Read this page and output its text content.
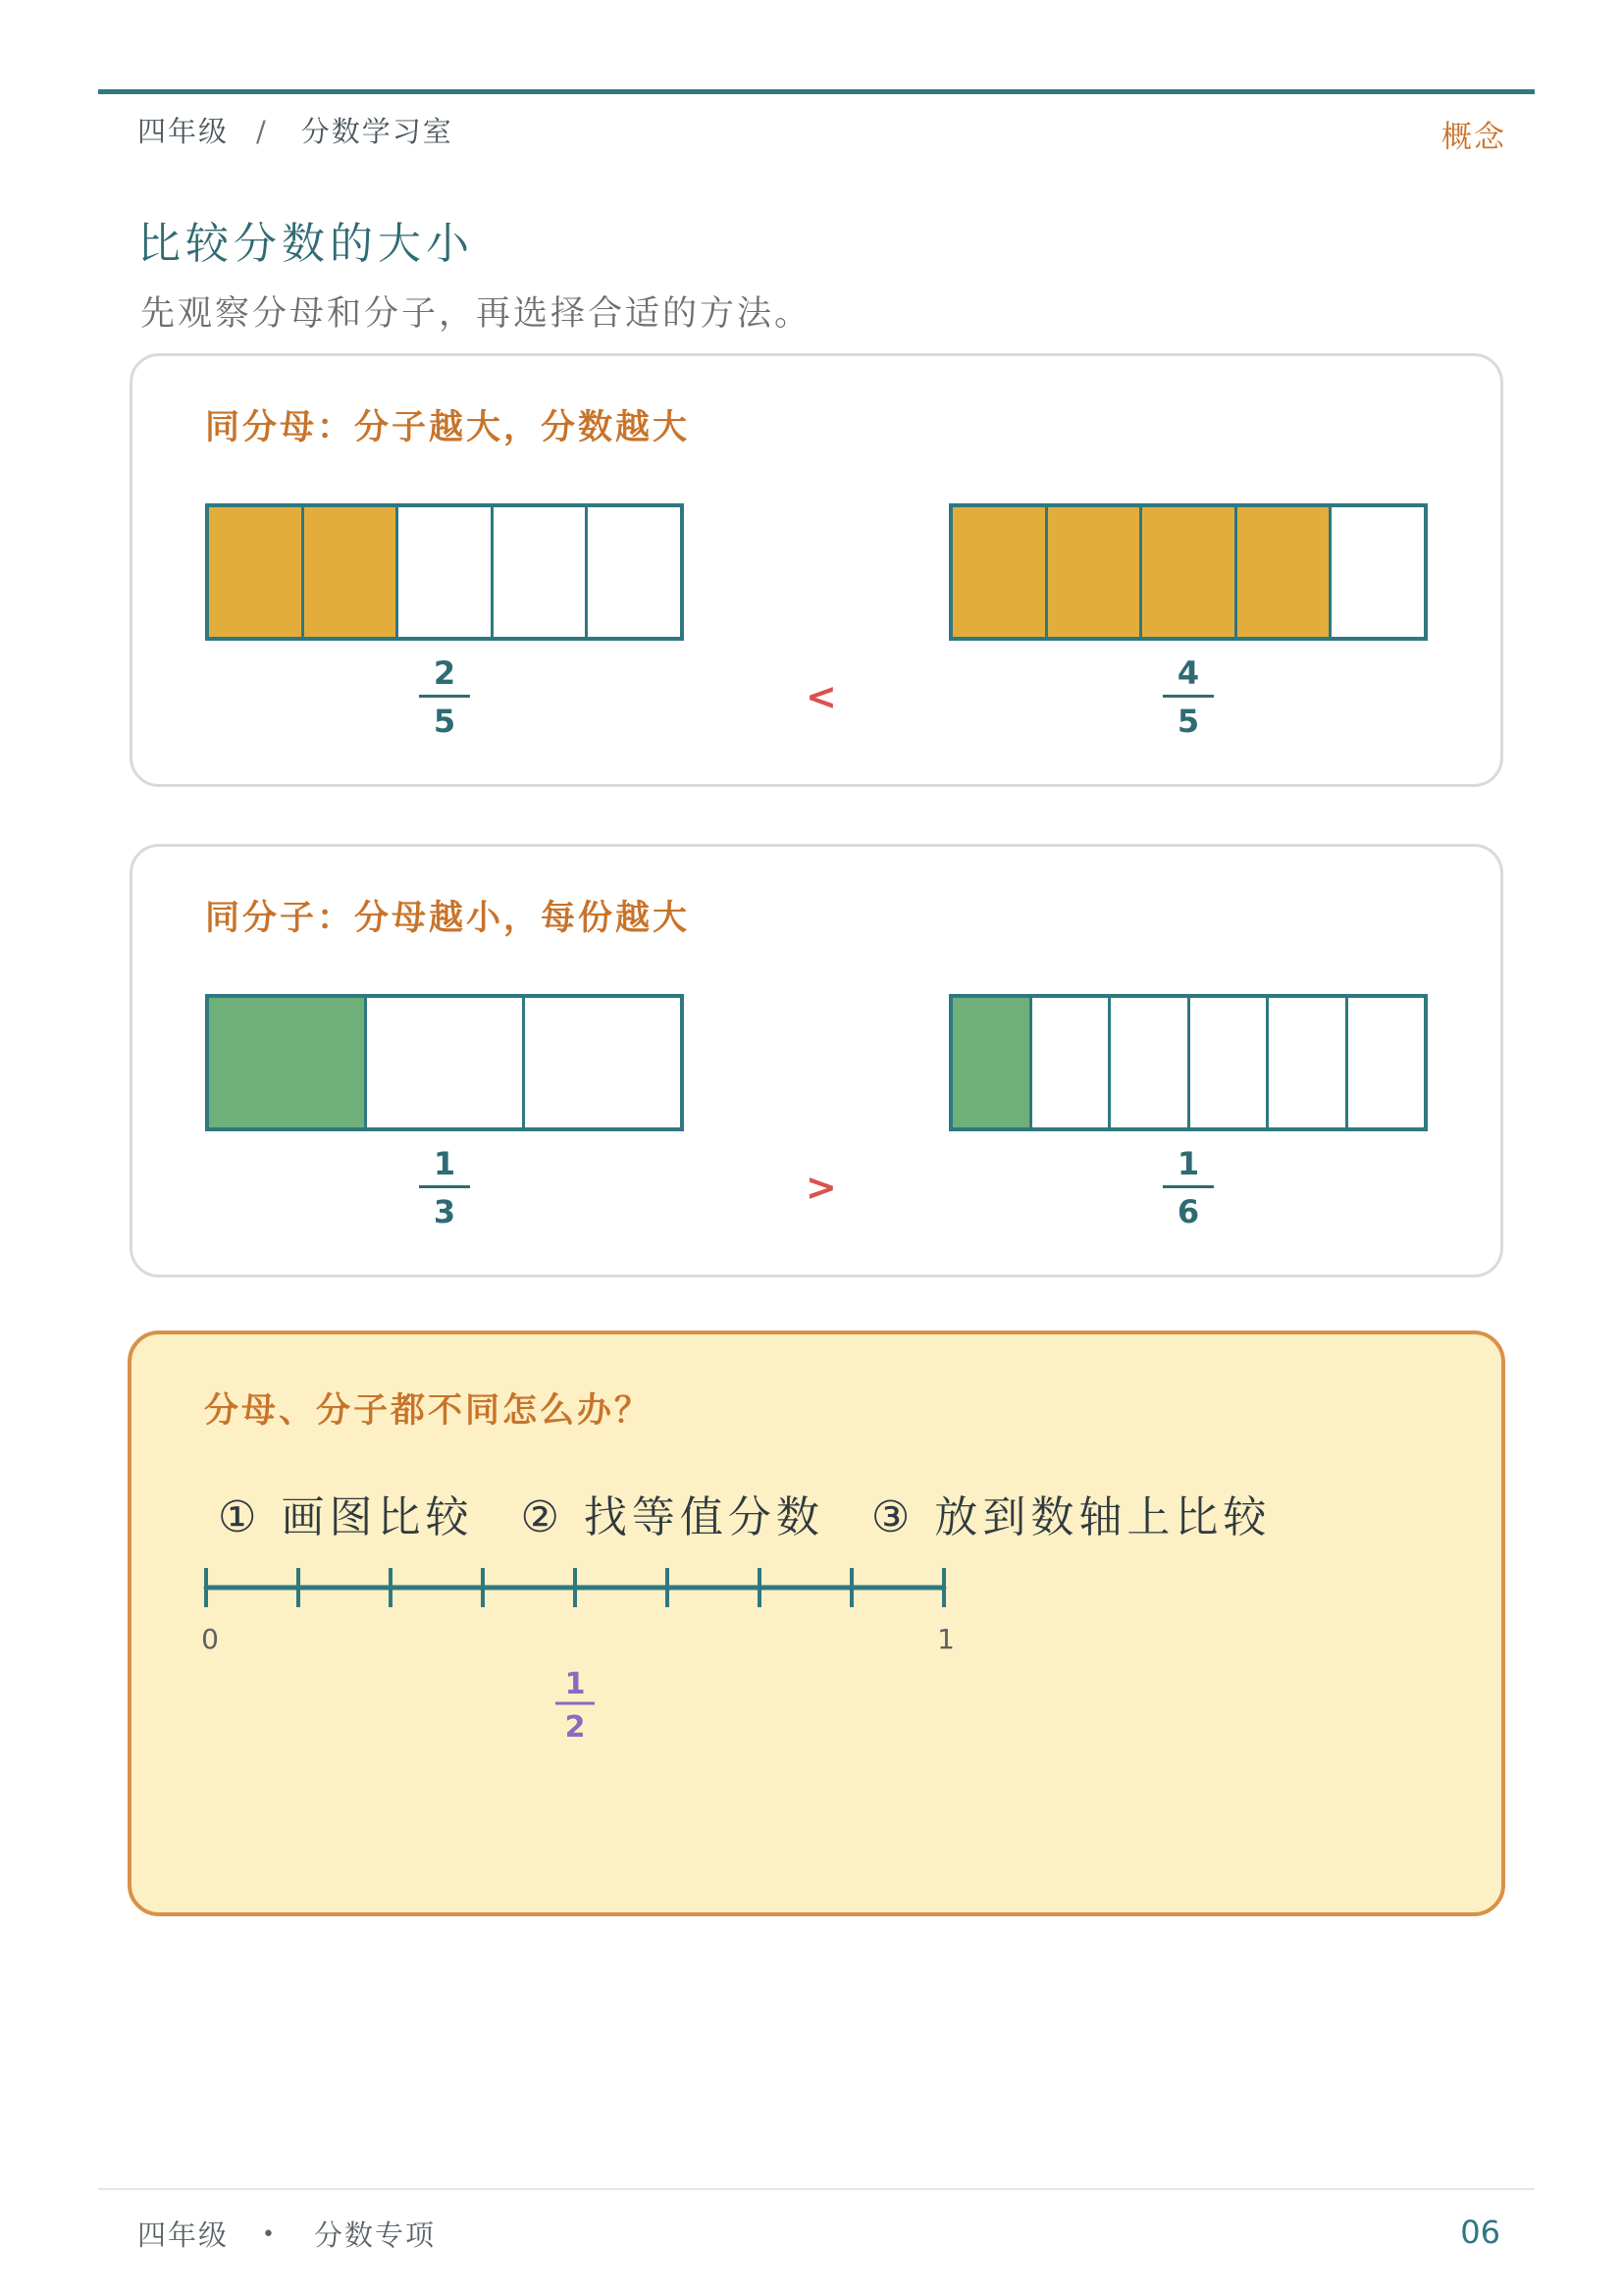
四年级 / 分数学习室	概念
比较分数的大小
先观察分母和分子，再选择合适的方法。
同分母：分子越大，分数越大
2
5
<
4
5
同分子：分母越小，每份越大
1
3
>
1
6
分母、分子都不同怎么办？
① 画图比较 ② 找等值分数 ③ 放到数轴上比较
0	1
1
2
四年级 • 分数专项	06
